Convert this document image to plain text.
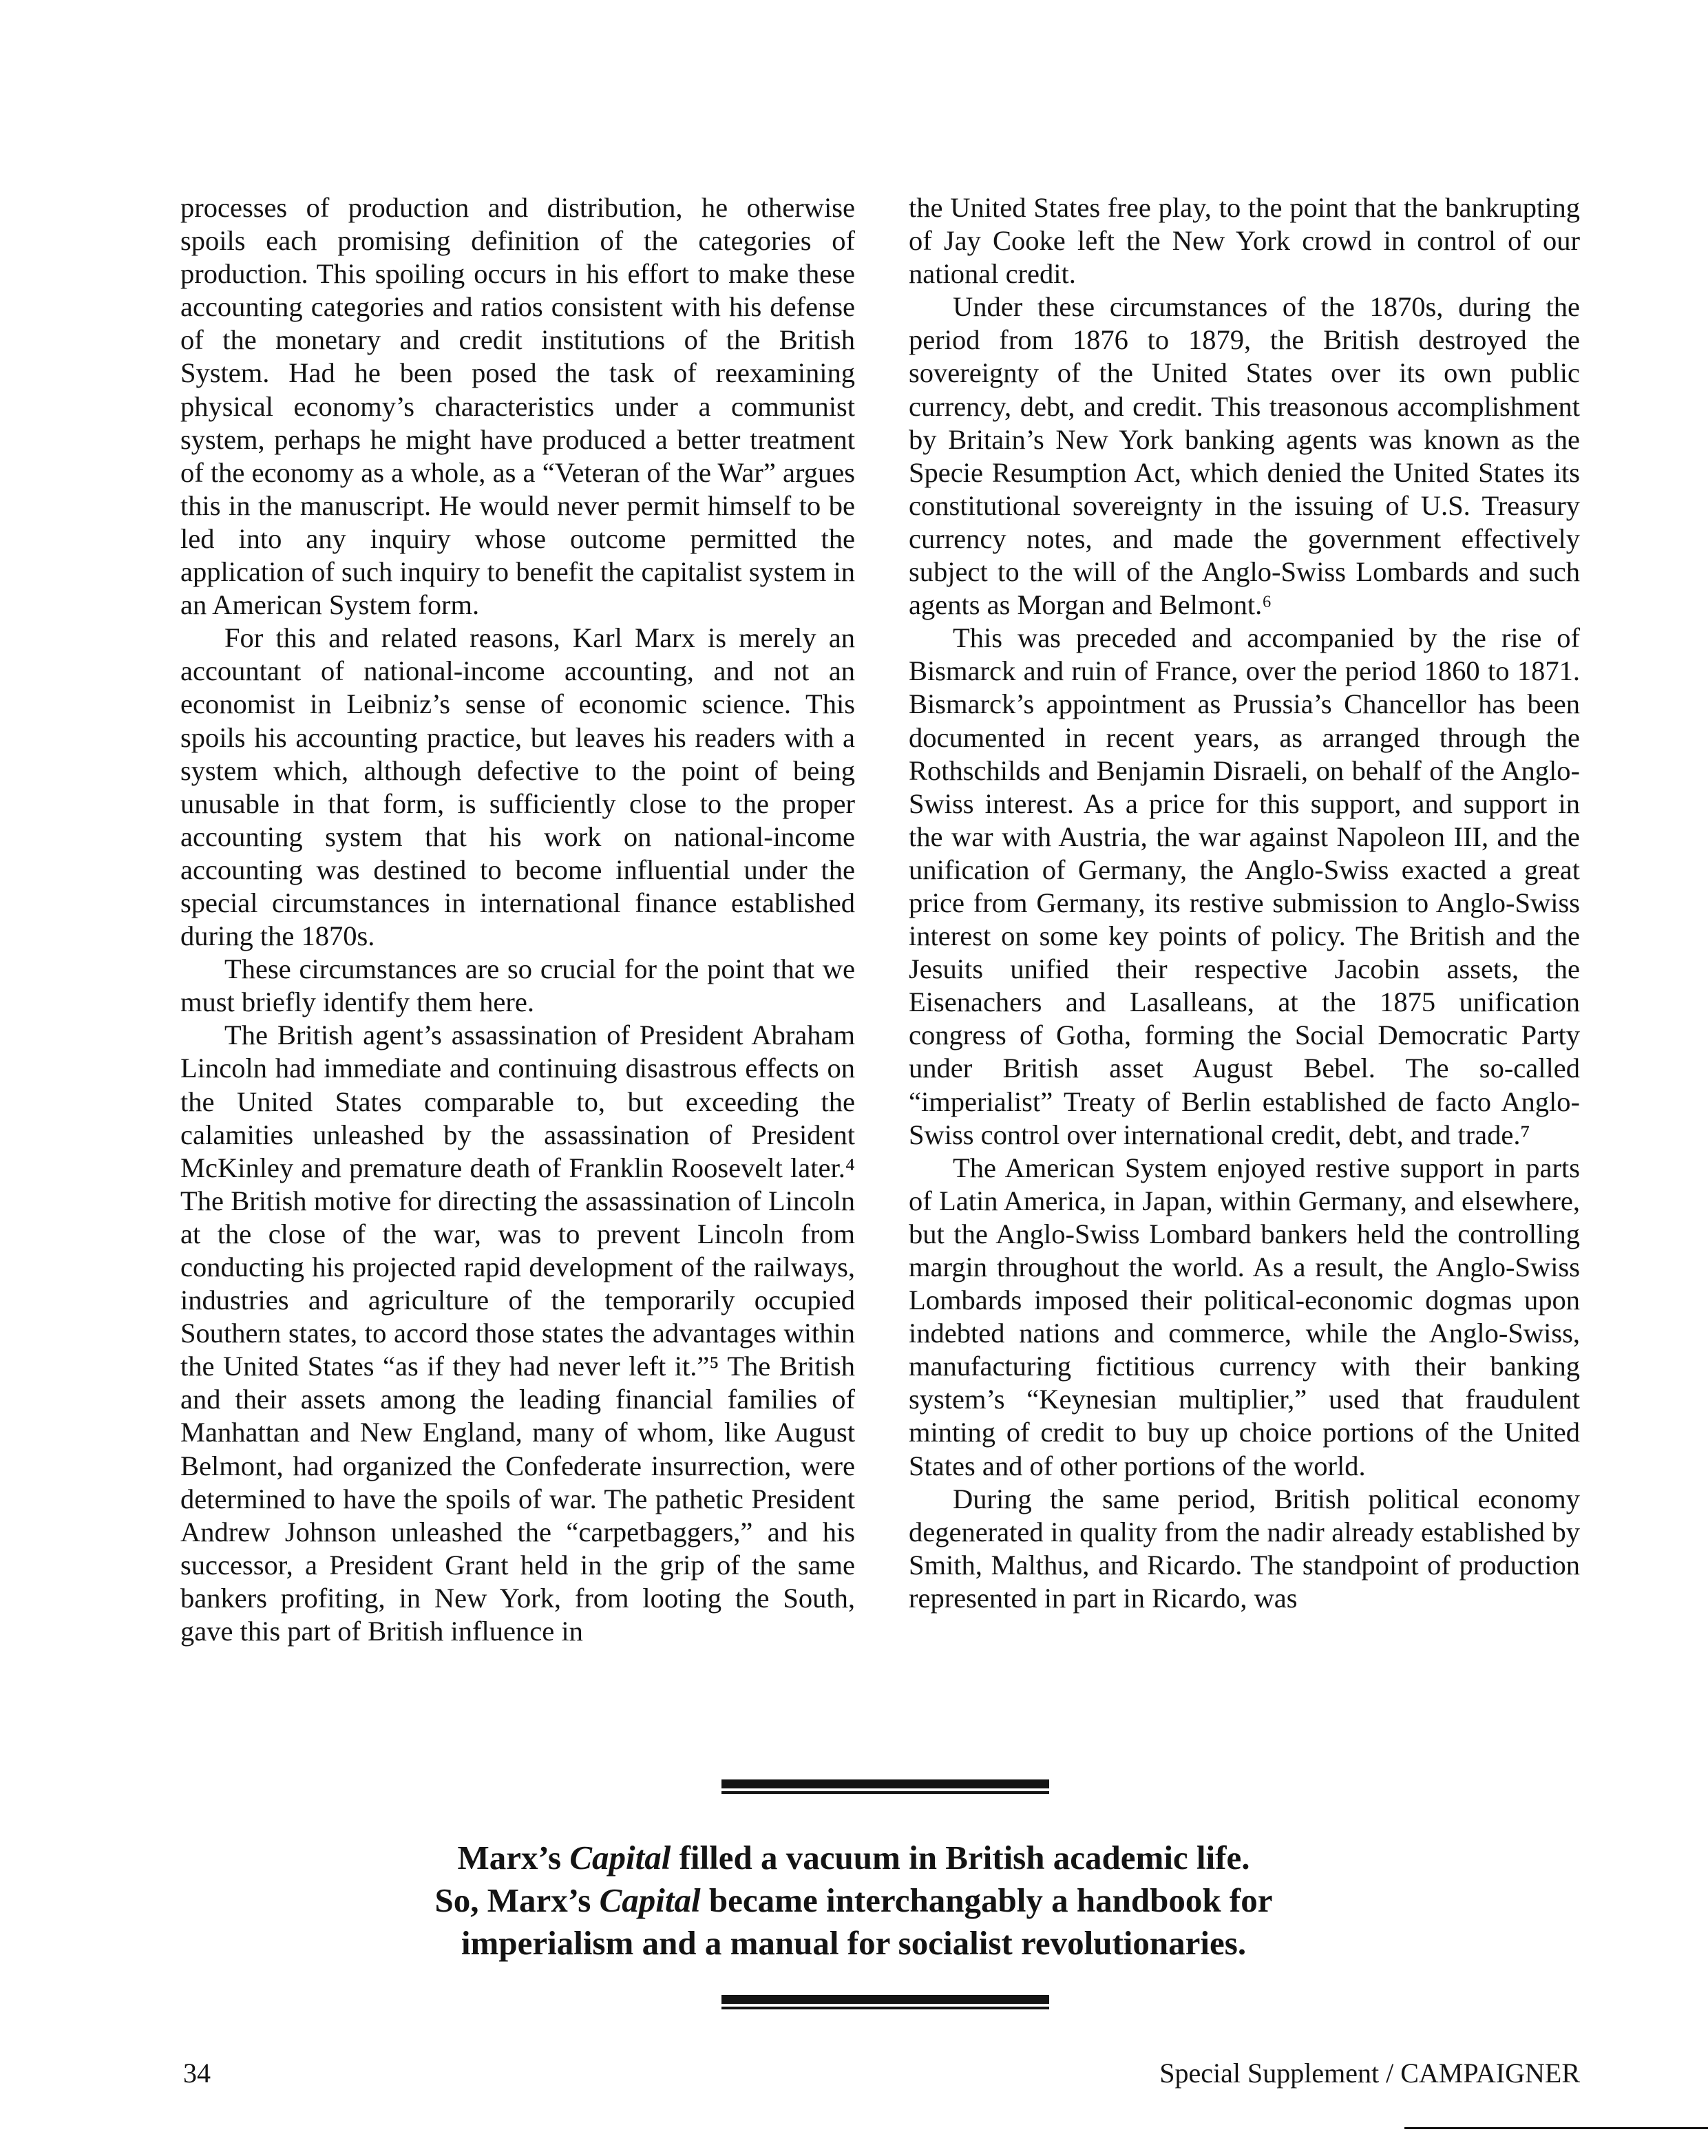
processes of production and distribution, he otherwise spoils each promising definition of the categories of production. This spoiling occurs in his effort to make these accounting categories and ratios consistent with his defense of the monetary and credit institutions of the British System. Had he been posed the task of reexamining physical economy’s characteristics under a communist system, perhaps he might have produced a better treatment of the economy as a whole, as a “Veteran of the War” argues this in the manuscript. He would never permit himself to be led into any inquiry whose outcome permitted the application of such inquiry to benefit the capitalist system in an American System form.

For this and related reasons, Karl Marx is merely an accountant of national-income accounting, and not an economist in Leibniz’s sense of economic science. This spoils his accounting practice, but leaves his readers with a system which, although defective to the point of being unusable in that form, is sufficiently close to the proper accounting system that his work on national-income accounting was destined to become influential under the special circumstances in international finance established during the 1870s.

These circumstances are so crucial for the point that we must briefly identify them here.

The British agent’s assassination of President Abraham Lincoln had immediate and continuing disastrous effects on the United States comparable to, but exceeding the calamities unleashed by the assassination of President McKinley and premature death of Franklin Roosevelt later.⁴ The British motive for directing the assassination of Lincoln at the close of the war, was to prevent Lincoln from conducting his projected rapid development of the railways, industries and agriculture of the temporarily occupied Southern states, to accord those states the advantages within the United States “as if they had never left it.”⁵ The British and their assets among the leading financial families of Manhattan and New England, many of whom, like August Belmont, had organized the Confederate insurrection, were determined to have the spoils of war. The pathetic President Andrew Johnson unleashed the “carpetbaggers,” and his successor, a President Grant held in the grip of the same bankers profiting, in New York, from looting the South, gave this part of British influence in

the United States free play, to the point that the bankrupting of Jay Cooke left the New York crowd in control of our national credit.

Under these circumstances of the 1870s, during the period from 1876 to 1879, the British destroyed the sovereignty of the United States over its own public currency, debt, and credit. This treasonous accomplishment by Britain’s New York banking agents was known as the Specie Resumption Act, which denied the United States its constitutional sovereignty in the issuing of U.S. Treasury currency notes, and made the government effectively subject to the will of the Anglo-Swiss Lombards and such agents as Morgan and Belmont.⁶

This was preceded and accompanied by the rise of Bismarck and ruin of France, over the period 1860 to 1871. Bismarck’s appointment as Prussia’s Chancellor has been documented in recent years, as arranged through the Rothschilds and Benjamin Disraeli, on behalf of the Anglo-Swiss interest. As a price for this support, and support in the war with Austria, the war against Napoleon III, and the unification of Germany, the Anglo-Swiss exacted a great price from Germany, its restive submission to Anglo-Swiss interest on some key points of policy. The British and the Jesuits unified their respective Jacobin assets, the Eisenachers and Lasalleans, at the 1875 unification congress of Gotha, forming the Social Democratic Party under British asset August Bebel. The so-called “imperialist” Treaty of Berlin established de facto Anglo-Swiss control over international credit, debt, and trade.⁷

The American System enjoyed restive support in parts of Latin America, in Japan, within Germany, and elsewhere, but the Anglo-Swiss Lombard bankers held the controlling margin throughout the world. As a result, the Anglo-Swiss Lombards imposed their political-economic dogmas upon indebted nations and commerce, while the Anglo-Swiss, manufacturing fictitious currency with their banking system’s “Keynesian multiplier,” used that fraudulent minting of credit to buy up choice portions of the United States and of other portions of the world.

During the same period, British political economy degenerated in quality from the nadir already established by Smith, Malthus, and Ricardo. The standpoint of production represented in part in Ricardo, was

Marx’s Capital filled a vacuum in British academic life.
So, Marx’s Capital became interchangably a handbook for
imperialism and a manual for socialist revolutionaries.
34	Special Supplement / CAMPAIGNER
